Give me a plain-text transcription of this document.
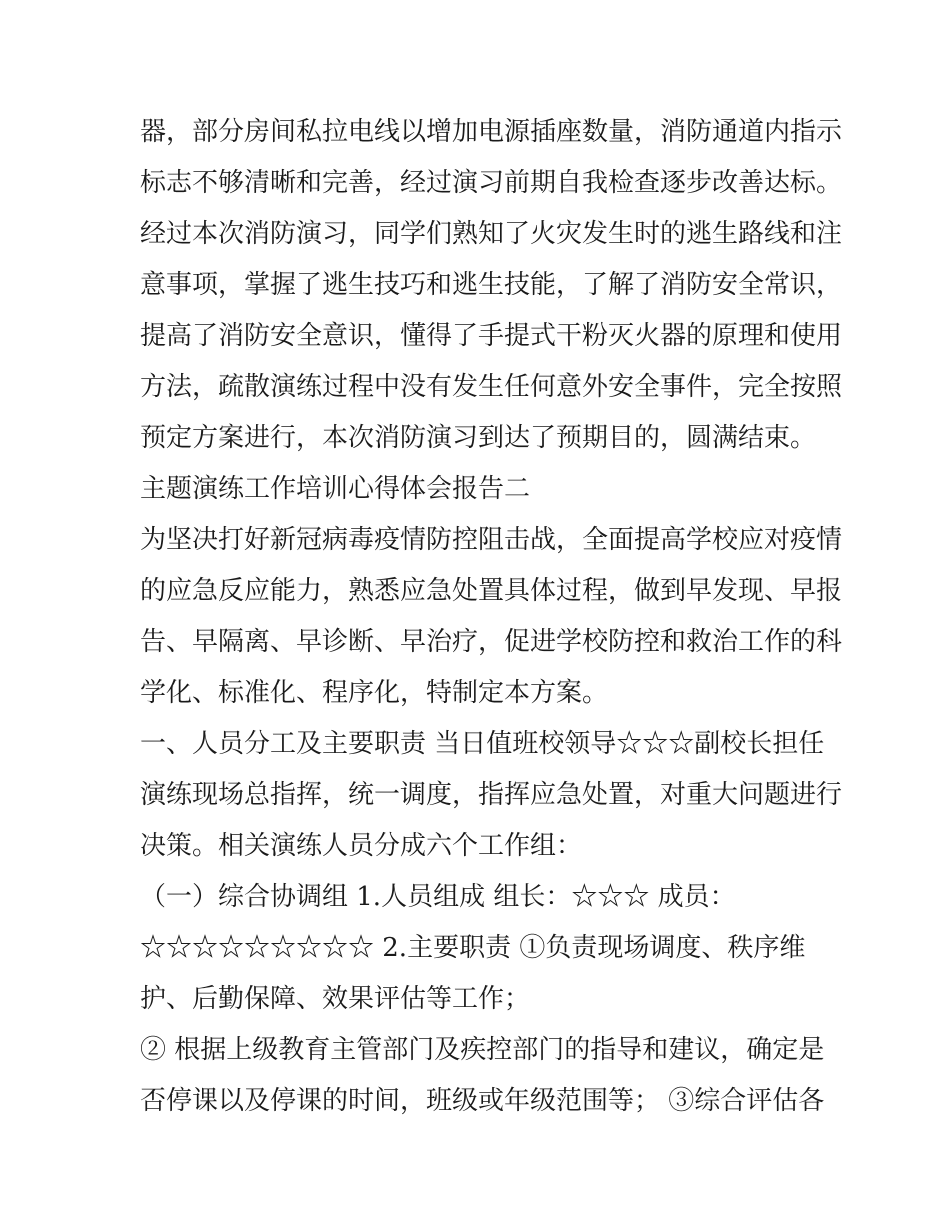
器，部分房间私拉电线以增加电源插座数量，消防通道内指示
标志不够清晰和完善，经过演习前期自我检查逐步改善达标。
经过本次消防演习，同学们熟知了火灾发生时的逃生路线和注
意事项，掌握了逃生技巧和逃生技能，了解了消防安全常识，
提高了消防安全意识，懂得了手提式干粉灭火器的原理和使用
方法，疏散演练过程中没有发生任何意外安全事件，完全按照
预定方案进行，本次消防演习到达了预期目的，圆满结束。
主题演练工作培训心得体会报告二
为坚决打好新冠病毒疫情防控阻击战，全面提高学校应对疫情
的应急反应能力，熟悉应急处置具体过程，做到早发现、早报
告、早隔离、早诊断、早治疗，促进学校防控和救治工作的科
学化、标准化、程序化，特制定本方案。
一、人员分工及主要职责 当日值班校领导☆☆☆副校长担任
演练现场总指挥，统一调度，指挥应急处置，对重大问题进行
决策。相关演练人员分成六个工作组：
（一）综合协调组 1.人员组成 组长：☆☆☆ 成员：
☆☆☆☆☆☆☆☆☆ 2.主要职责 ①负责现场调度、秩序维
护、后勤保障、效果评估等工作；
② 根据上级教育主管部门及疾控部门的指导和建议，确定是
否停课以及停课的时间，班级或年级范围等； ③综合评估各
